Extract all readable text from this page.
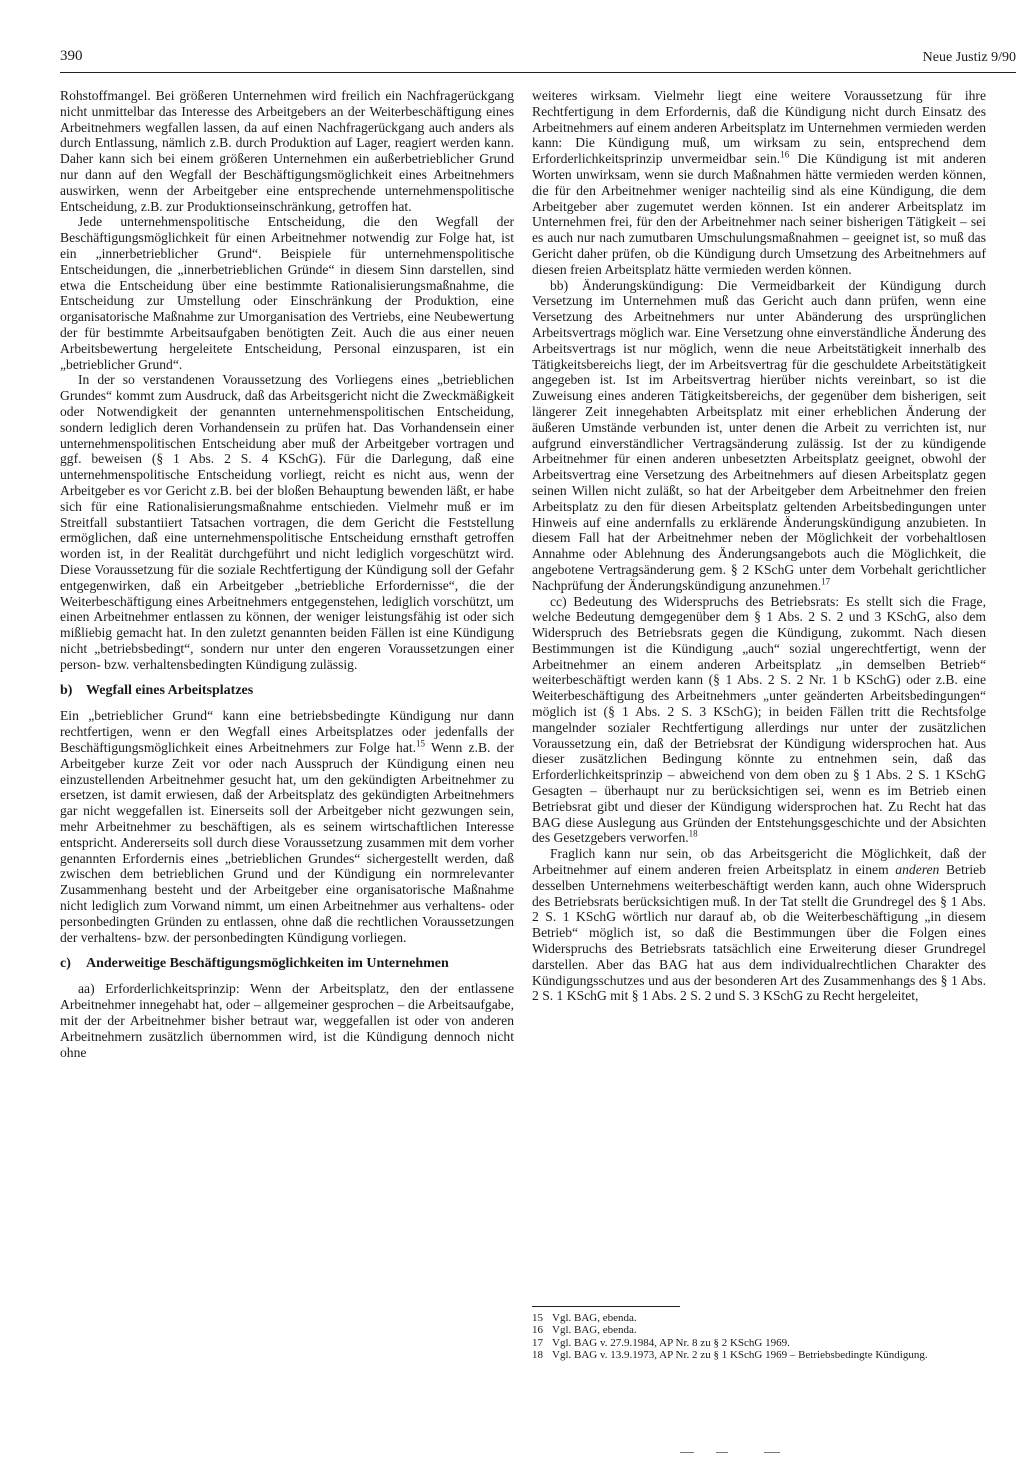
390	Neue Justiz 9/90

Rohstoffmangel. Bei größeren Unternehmen wird freilich ein Nachfragerückgang nicht unmittelbar das Interesse des Arbeitgebers an der Weiterbeschäftigung eines Arbeitnehmers wegfallen lassen, da auf einen Nachfragerückgang auch anders als durch Entlassung, nämlich z.B. durch Produktion auf Lager, reagiert werden kann. Daher kann sich bei einem größeren Unternehmen ein außerbetrieblicher Grund nur dann auf den Wegfall der Beschäftigungsmöglichkeit eines Arbeitnehmers auswirken, wenn der Arbeitgeber eine entsprechende unternehmenspolitische Entscheidung, z.B. zur Produktionseinschränkung, getroffen hat.

Jede unternehmenspolitische Entscheidung, die den Wegfall der Beschäftigungsmöglichkeit für einen Arbeitnehmer notwendig zur Folge hat, ist ein „innerbetrieblicher Grund“. Beispiele für unternehmenspolitische Entscheidungen, die „innerbetrieblichen Gründe“ in diesem Sinn darstellen, sind etwa die Entscheidung über eine bestimmte Rationalisierungsmaßnahme, die Entscheidung zur Umstellung oder Einschränkung der Produktion, eine organisatorische Maßnahme zur Umorganisation des Vertriebs, eine Neubewertung der für bestimmte Arbeitsaufgaben benötigten Zeit. Auch die aus einer neuen Arbeitsbewertung hergeleitete Entscheidung, Personal einzusparen, ist ein „betrieblicher Grund“.

In der so verstandenen Voraussetzung des Vorliegens eines „betrieblichen Grundes“ kommt zum Ausdruck, daß das Arbeitsgericht nicht die Zweckmäßigkeit oder Notwendigkeit der genannten unternehmenspolitischen Entscheidung, sondern lediglich deren Vorhandensein zu prüfen hat. Das Vorhandensein einer unternehmenspolitischen Entscheidung aber muß der Arbeitgeber vortragen und ggf. beweisen (§ 1 Abs. 2 S. 4 KSchG). Für die Darlegung, daß eine unternehmenspolitische Entscheidung vorliegt, reicht es nicht aus, wenn der Arbeitgeber es vor Gericht z.B. bei der bloßen Behauptung bewenden läßt, er habe sich für eine Rationalisierungsmaßnahme entschieden. Vielmehr muß er im Streitfall substantiiert Tatsachen vortragen, die dem Gericht die Feststellung ermöglichen, daß eine unternehmenspolitische Entscheidung ernsthaft getroffen worden ist, in der Realität durchgeführt und nicht lediglich vorgeschützt wird. Diese Voraussetzung für die soziale Rechtfertigung der Kündigung soll der Gefahr entgegenwirken, daß ein Arbeitgeber „betriebliche Erfordernisse“, die der Weiterbeschäftigung eines Arbeitnehmers entgegenstehen, lediglich vorschützt, um einen Arbeitnehmer entlassen zu können, der weniger leistungsfähig ist oder sich mißliebig gemacht hat. In den zuletzt genannten beiden Fällen ist eine Kündigung nicht „betriebsbedingt“, sondern nur unter den engeren Voraussetzungen einer person- bzw. verhaltensbedingten Kündigung zulässig.

b) Wegfall eines Arbeitsplatzes

Ein „betrieblicher Grund“ kann eine betriebsbedingte Kündigung nur dann rechtfertigen, wenn er den Wegfall eines Arbeitsplatzes oder jedenfalls der Beschäftigungsmöglichkeit eines Arbeitnehmers zur Folge hat.$^{15}$ Wenn z.B. der Arbeitgeber kurze Zeit vor oder nach Ausspruch der Kündigung einen neu einzustellenden Arbeitnehmer gesucht hat, um den gekündigten Arbeitnehmer zu ersetzen, ist damit erwiesen, daß der Arbeitsplatz des gekündigten Arbeitnehmers gar nicht weggefallen ist. Einerseits soll der Arbeitgeber nicht gezwungen sein, mehr Arbeitnehmer zu beschäftigen, als es seinem wirtschaftlichen Interesse entspricht. Andererseits soll durch diese Voraussetzung zusammen mit dem vorher genannten Erfordernis eines „betrieblichen Grundes“ sichergestellt werden, daß zwischen dem betrieblichen Grund und der Kündigung ein normrelevanter Zusammenhang besteht und der Arbeitgeber eine organisatorische Maßnahme nicht lediglich zum Vorwand nimmt, um einen Arbeitnehmer aus verhaltens- oder personbedingten Gründen zu entlassen, ohne daß die rechtlichen Voraussetzungen der verhaltens- bzw. der personbedingten Kündigung vorliegen.

c) Anderweitige Beschäftigungsmöglichkeiten im Unternehmen

aa) Erforderlichkeitsprinzip: Wenn der Arbeitsplatz, den der entlassene Arbeitnehmer innegehabt hat, oder – allgemeiner gesprochen – die Arbeitsaufgabe, mit der der Arbeitnehmer bisher betraut war, weggefallen ist oder von anderen Arbeitnehmern zusätzlich übernommen wird, ist die Kündigung dennoch nicht ohne

weiteres wirksam. Vielmehr liegt eine weitere Voraussetzung für ihre Rechtfertigung in dem Erfordernis, daß die Kündigung nicht durch Einsatz des Arbeitnehmers auf einem anderen Arbeitsplatz im Unternehmen vermieden werden kann: Die Kündigung muß, um wirksam zu sein, entsprechend dem Erforderlichkeitsprinzip unvermeidbar sein.$^{16}$ Die Kündigung ist mit anderen Worten unwirksam, wenn sie durch Maßnahmen hätte vermieden werden können, die für den Arbeitnehmer weniger nachteilig sind als eine Kündigung, die dem Arbeitgeber aber zugemutet werden können. Ist ein anderer Arbeitsplatz im Unternehmen frei, für den der Arbeitnehmer nach seiner bisherigen Tätigkeit – sei es auch nur nach zumutbaren Umschulungsmaßnahmen – geeignet ist, so muß das Gericht daher prüfen, ob die Kündigung durch Umsetzung des Arbeitnehmers auf diesen freien Arbeitsplatz hätte vermieden werden können.

bb) Änderungskündigung: Die Vermeidbarkeit der Kündigung durch Versetzung im Unternehmen muß das Gericht auch dann prüfen, wenn eine Versetzung des Arbeitnehmers nur unter Abänderung des ursprünglichen Arbeitsvertrags möglich war. Eine Versetzung ohne einverständliche Änderung des Arbeitsvertrags ist nur möglich, wenn die neue Arbeitstätigkeit innerhalb des Tätigkeitsbereichs liegt, der im Arbeitsvertrag für die geschuldete Arbeitstätigkeit angegeben ist. Ist im Arbeitsvertrag hierüber nichts vereinbart, so ist die Zuweisung eines anderen Tätigkeitsbereichs, der gegenüber dem bisherigen, seit längerer Zeit innegehabten Arbeitsplatz mit einer erheblichen Änderung der äußeren Umstände verbunden ist, unter denen die Arbeit zu verrichten ist, nur aufgrund einverständlicher Vertragsänderung zulässig. Ist der zu kündigende Arbeitnehmer für einen anderen unbesetzten Arbeitsplatz geeignet, obwohl der Arbeitsvertrag eine Versetzung des Arbeitnehmers auf diesen Arbeitsplatz gegen seinen Willen nicht zuläßt, so hat der Arbeitgeber dem Arbeitnehmer den freien Arbeitsplatz zu den für diesen Arbeitsplatz geltenden Arbeitsbedingungen unter Hinweis auf eine andernfalls zu erklärende Änderungskündigung anzubieten. In diesem Fall hat der Arbeitnehmer neben der Möglichkeit der vorbehaltlosen Annahme oder Ablehnung des Änderungsangebots auch die Möglichkeit, die angebotene Vertragsänderung gem. § 2 KSchG unter dem Vorbehalt gerichtlicher Nachprüfung der Änderungskündigung anzunehmen.$^{17}$

cc) Bedeutung des Widerspruchs des Betriebsrats: Es stellt sich die Frage, welche Bedeutung demgegenüber dem § 1 Abs. 2 S. 2 und 3 KSchG, also dem Widerspruch des Betriebsrats gegen die Kündigung, zukommt. Nach diesen Bestimmungen ist die Kündigung „auch“ sozial ungerechtfertigt, wenn der Arbeitnehmer an einem anderen Arbeitsplatz „in demselben Betrieb“ weiterbeschäftigt werden kann (§ 1 Abs. 2 S. 2 Nr. 1 b KSchG) oder z.B. eine Weiterbeschäftigung des Arbeitnehmers „unter geänderten Arbeitsbedingungen“ möglich ist (§ 1 Abs. 2 S. 3 KSchG); in beiden Fällen tritt die Rechtsfolge mangelnder sozialer Rechtfertigung allerdings nur unter der zusätzlichen Voraussetzung ein, daß der Betriebsrat der Kündigung widersprochen hat. Aus dieser zusätzlichen Bedingung könnte zu entnehmen sein, daß das Erforderlichkeitsprinzip – abweichend von dem oben zu § 1 Abs. 2 S. 1 KSchG Gesagten – überhaupt nur zu berücksichtigen sei, wenn es im Betrieb einen Betriebsrat gibt und dieser der Kündigung widersprochen hat. Zu Recht hat das BAG diese Auslegung aus Gründen der Entstehungsgeschichte und der Absichten des Gesetzgebers verworfen.$^{18}$

Fraglich kann nur sein, ob das Arbeitsgericht die Möglichkeit, daß der Arbeitnehmer auf einem anderen freien Arbeitsplatz in einem anderen Betrieb desselben Unternehmens weiterbeschäftigt werden kann, auch ohne Widerspruch des Betriebsrats berücksichtigen muß. In der Tat stellt die Grundregel des § 1 Abs. 2 S. 1 KSchG wörtlich nur darauf ab, ob die Weiterbeschäftigung „in diesem Betrieb“ möglich ist, so daß die Bestimmungen über die Folgen eines Widerspruchs des Betriebsrats tatsächlich eine Erweiterung dieser Grundregel darstellen. Aber das BAG hat aus dem individualrechtlichen Charakter des Kündigungsschutzes und aus der besonderen Art des Zusammenhangs des § 1 Abs. 2 S. 1 KSchG mit § 1 Abs. 2 S. 2 und S. 3 KSchG zu Recht hergeleitet,

15 Vgl. BAG, ebenda.
16 Vgl. BAG, ebenda.
17 Vgl. BAG v. 27.9.1984, AP Nr. 8 zu § 2 KSchG 1969.
18 Vgl. BAG v. 13.9.1973, AP Nr. 2 zu § 1 KSchG 1969 – Betriebsbedingte Kündigung.
